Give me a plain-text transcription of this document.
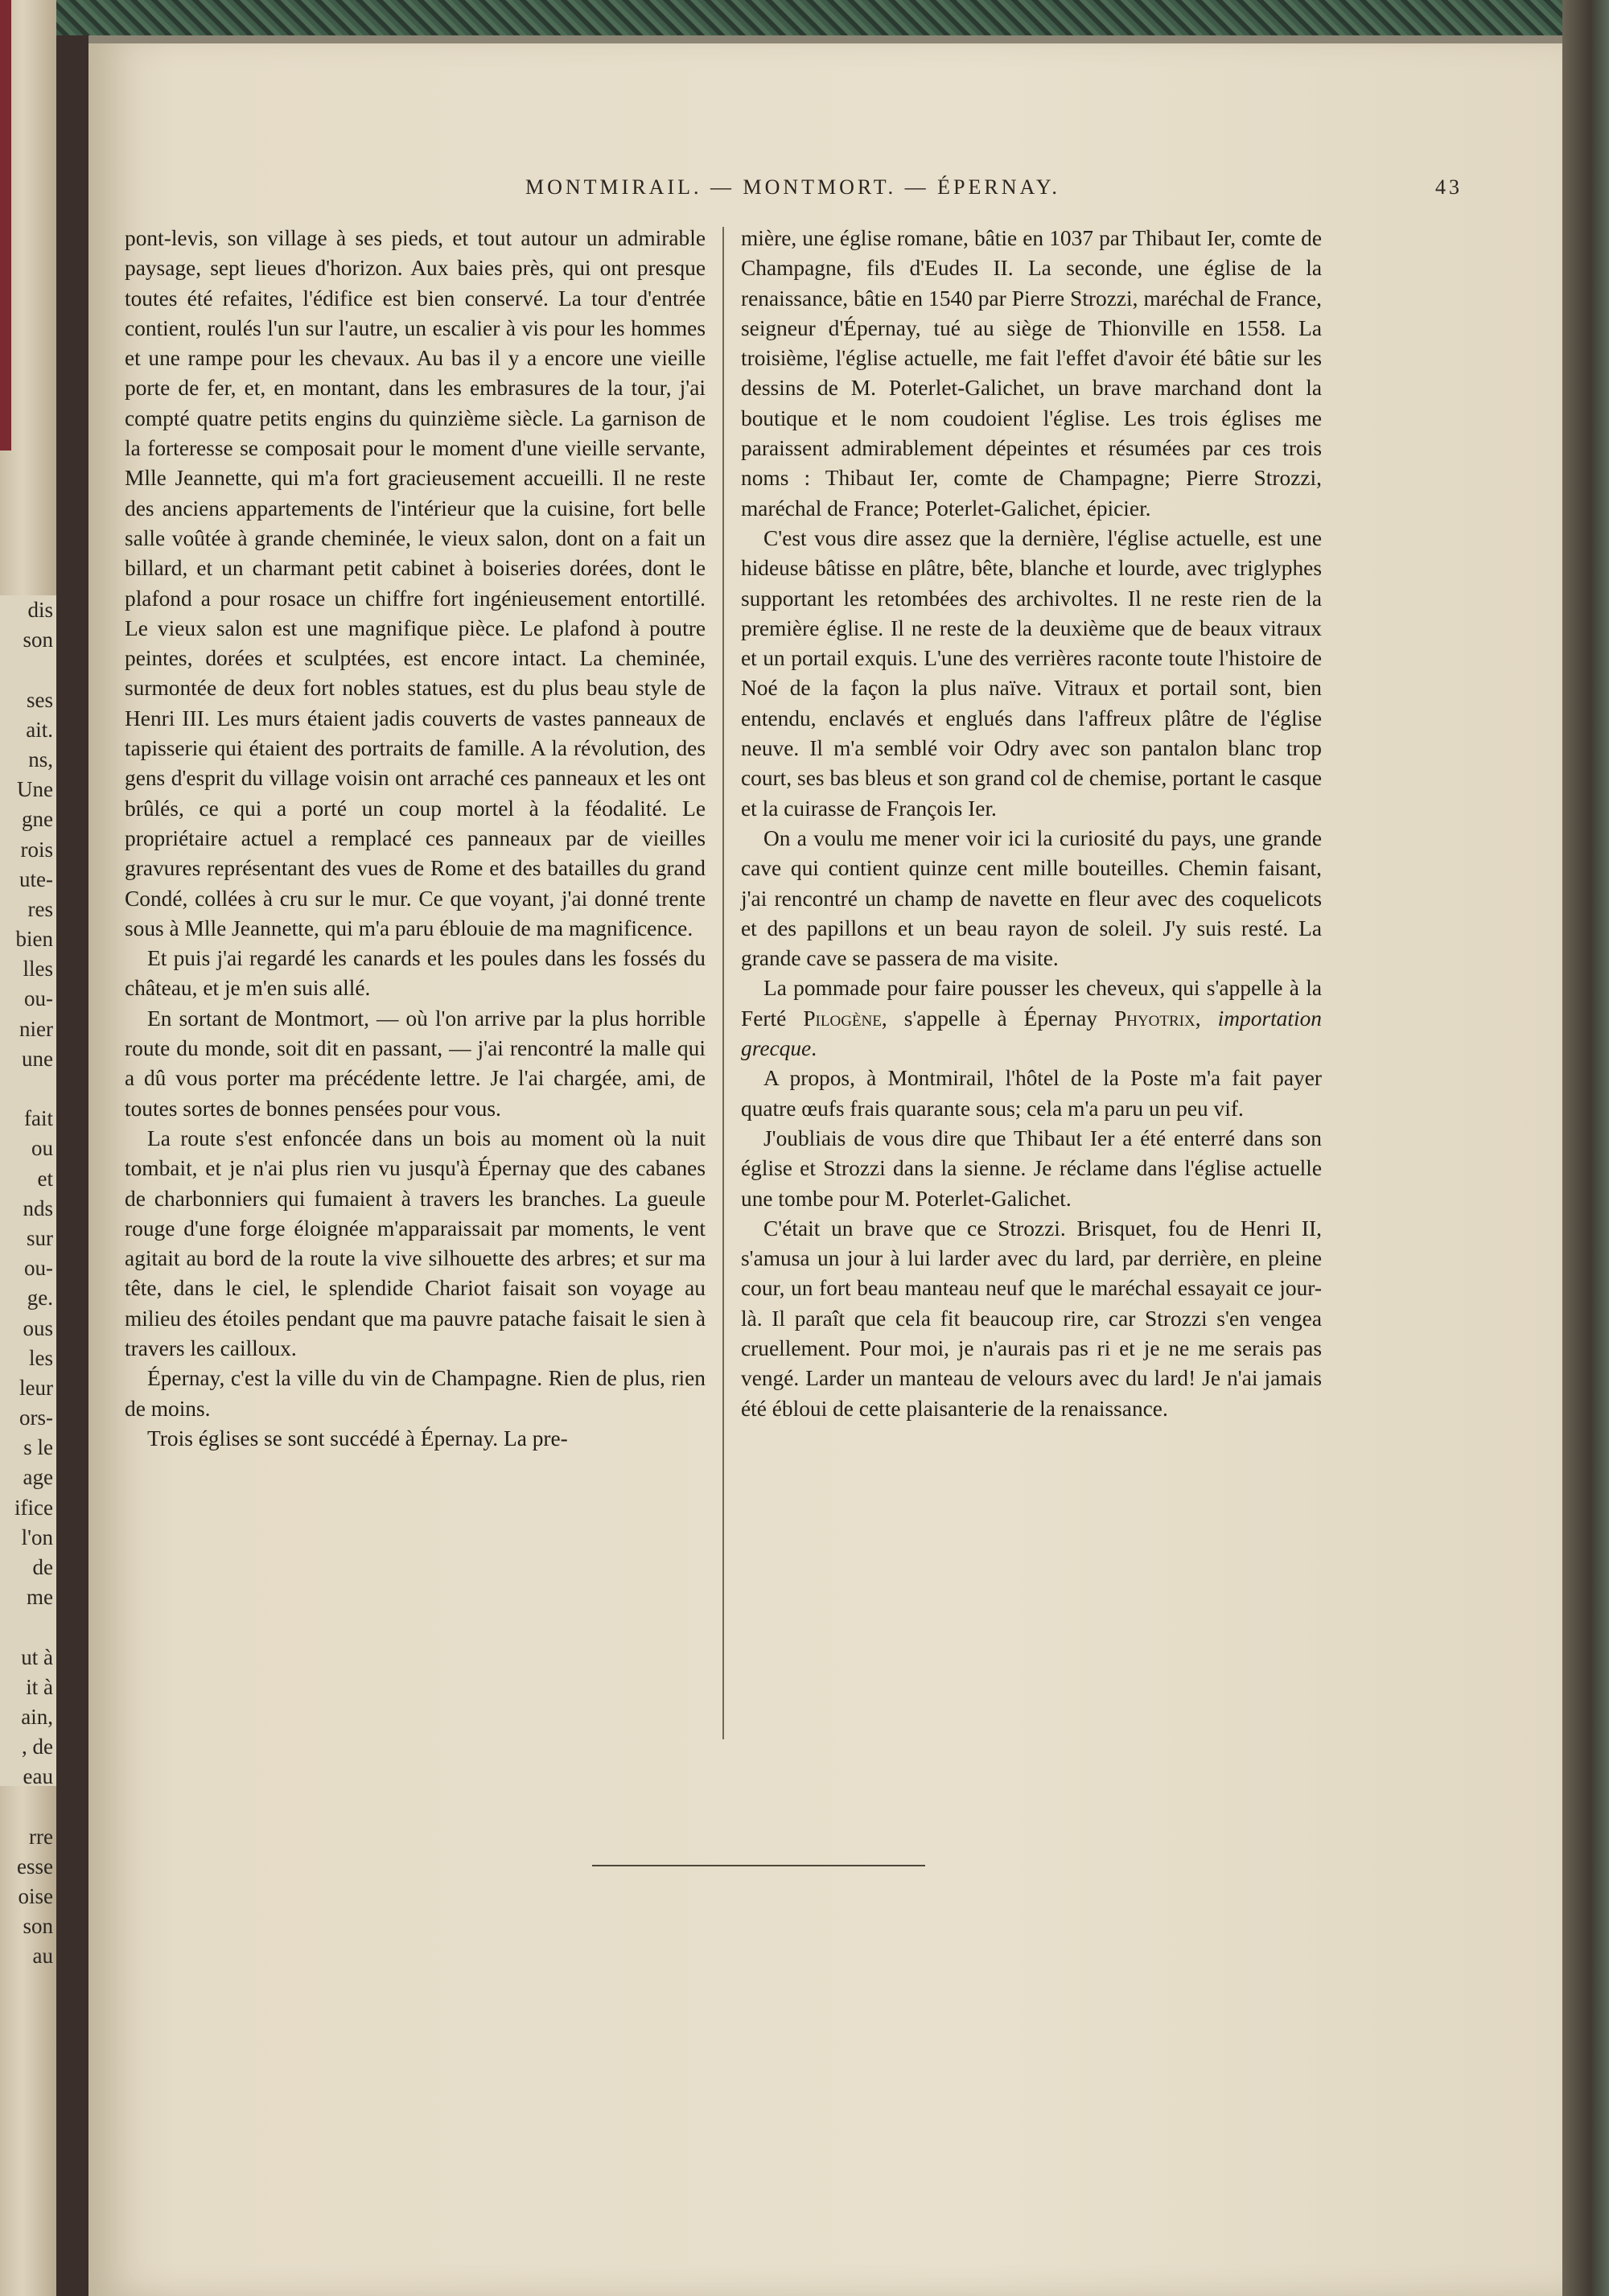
dis
son
ses
ait.
ns,
Une
gne
rois
ute-
res
bien
lles
ou-
nier
une
fait
ou
et
nds
sur
ou-
ge.
ous
les
leur
ors-
s le
age
ifice
l'on
de
me
ut à
it à
ain,
, de
eau
rre
esse
oise
son
au
MONTMIRAIL. — MONTMORT. — ÉPERNAY.	43

pont-levis, son village à ses pieds, et tout autour un admirable paysage, sept lieues d'horizon. Aux baies près, qui ont presque toutes été refaites, l'édifice est bien conservé. La tour d'entrée contient, roulés l'un sur l'autre, un escalier à vis pour les hommes et une rampe pour les chevaux. Au bas il y a encore une vieille porte de fer, et, en montant, dans les embrasures de la tour, j'ai compté quatre petits engins du quinzième siècle. La garnison de la forteresse se composait pour le moment d'une vieille servante, Mlle Jeannette, qui m'a fort gracieusement accueilli. Il ne reste des anciens appartements de l'intérieur que la cuisine, fort belle salle voûtée à grande cheminée, le vieux salon, dont on a fait un billard, et un charmant petit cabinet à boiseries dorées, dont le plafond a pour rosace un chiffre fort ingénieusement entortillé. Le vieux salon est une magnifique pièce. Le plafond à poutre peintes, dorées et sculptées, est encore intact. La cheminée, surmontée de deux fort nobles statues, est du plus beau style de Henri III. Les murs étaient jadis couverts de vastes panneaux de tapisserie qui étaient des portraits de famille. A la révolution, des gens d'esprit du village voisin ont arraché ces panneaux et les ont brûlés, ce qui a porté un coup mortel à la féodalité. Le propriétaire actuel a remplacé ces panneaux par de vieilles gravures représentant des vues de Rome et des batailles du grand Condé, collées à cru sur le mur. Ce que voyant, j'ai donné trente sous à Mlle Jeannette, qui m'a paru éblouie de ma magnificence.

Et puis j'ai regardé les canards et les poules dans les fossés du château, et je m'en suis allé.

En sortant de Montmort, — où l'on arrive par la plus horrible route du monde, soit dit en passant, — j'ai rencontré la malle qui a dû vous porter ma précédente lettre. Je l'ai chargée, ami, de toutes sortes de bonnes pensées pour vous.

La route s'est enfoncée dans un bois au moment où la nuit tombait, et je n'ai plus rien vu jusqu'à Épernay que des cabanes de charbonniers qui fumaient à travers les branches. La gueule rouge d'une forge éloignée m'apparaissait par moments, le vent agitait au bord de la route la vive silhouette des arbres; et sur ma tête, dans le ciel, le splendide Chariot faisait son voyage au milieu des étoiles pendant que ma pauvre patache faisait le sien à travers les cailloux.

Épernay, c'est la ville du vin de Champagne. Rien de plus, rien de moins.

Trois églises se sont succédé à Épernay. La pre-

mière, une église romane, bâtie en 1037 par Thibaut Ier, comte de Champagne, fils d'Eudes II. La seconde, une église de la renaissance, bâtie en 1540 par Pierre Strozzi, maréchal de France, seigneur d'Épernay, tué au siège de Thionville en 1558. La troisième, l'église actuelle, me fait l'effet d'avoir été bâtie sur les dessins de M. Poterlet-Galichet, un brave marchand dont la boutique et le nom coudoient l'église. Les trois églises me paraissent admirablement dépeintes et résumées par ces trois noms : Thibaut Ier, comte de Champagne; Pierre Strozzi, maréchal de France; Poterlet-Galichet, épicier.

C'est vous dire assez que la dernière, l'église actuelle, est une hideuse bâtisse en plâtre, bête, blanche et lourde, avec triglyphes supportant les retombées des archivoltes. Il ne reste rien de la première église. Il ne reste de la deuxième que de beaux vitraux et un portail exquis. L'une des verrières raconte toute l'histoire de Noé de la façon la plus naïve. Vitraux et portail sont, bien entendu, enclavés et englués dans l'affreux plâtre de l'église neuve. Il m'a semblé voir Odry avec son pantalon blanc trop court, ses bas bleus et son grand col de chemise, portant le casque et la cuirasse de François Ier.

On a voulu me mener voir ici la curiosité du pays, une grande cave qui contient quinze cent mille bouteilles. Chemin faisant, j'ai rencontré un champ de navette en fleur avec des coquelicots et des papillons et un beau rayon de soleil. J'y suis resté. La grande cave se passera de ma visite.

La pommade pour faire pousser les cheveux, qui s'appelle à la Ferté Pilogène, s'appelle à Épernay Phyotrix, importation grecque.

A propos, à Montmirail, l'hôtel de la Poste m'a fait payer quatre œufs frais quarante sous; cela m'a paru un peu vif.

J'oubliais de vous dire que Thibaut Ier a été enterré dans son église et Strozzi dans la sienne. Je réclame dans l'église actuelle une tombe pour M. Poterlet-Galichet.

C'était un brave que ce Strozzi. Brisquet, fou de Henri II, s'amusa un jour à lui larder avec du lard, par derrière, en pleine cour, un fort beau manteau neuf que le maréchal essayait ce jour-là. Il paraît que cela fit beaucoup rire, car Strozzi s'en vengea cruellement. Pour moi, je n'aurais pas ri et je ne me serais pas vengé. Larder un manteau de velours avec du lard! Je n'ai jamais été ébloui de cette plaisanterie de la renaissance.
